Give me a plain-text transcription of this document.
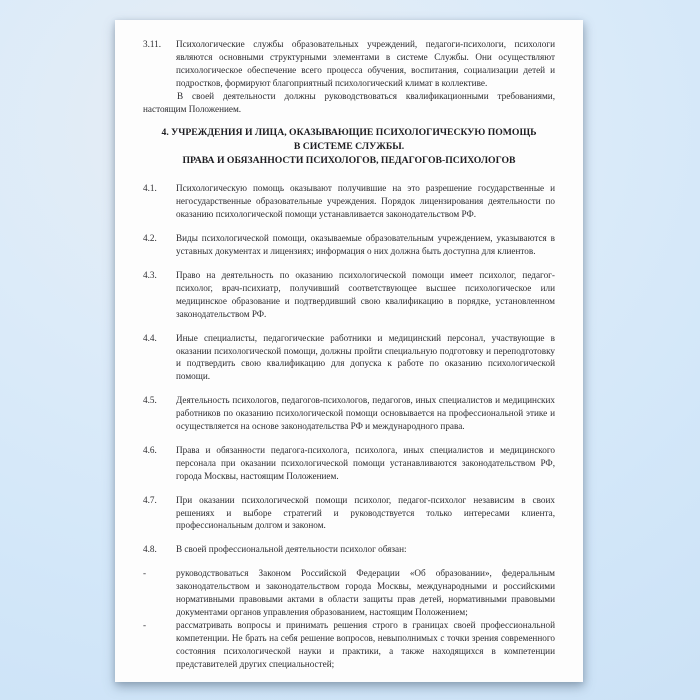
3.11.	Психологические службы образовательных учреждений, педагоги-психологи, психологи являются основными структурными элементами в системе Службы. Они осуществляют психологическое обеспечение всего процесса обучения, воспитания, социализации детей и подростков, формируют благоприятный психологический климат в коллективе.

В своей деятельности должны руководствоваться квалификационными требованиями, настоящим Положением.

4. УЧРЕЖДЕНИЯ И ЛИЦА, ОКАЗЫВАЮЩИЕ ПСИХОЛОГИЧЕСКУЮ ПОМОЩЬ
В СИСТЕМЕ СЛУЖБЫ.
ПРАВА И ОБЯЗАННОСТИ ПСИХОЛОГОВ, ПЕДАГОГОВ-ПСИХОЛОГОВ
4.1.	Психологическую помощь оказывают получившие на это разрешение государственные и негосударственные образовательные учреждения. Порядок лицензирования деятельности по оказанию психологической помощи устанавливается законодательством РФ.

4.2.	Виды психологической помощи, оказываемые образовательным учреждением, указываются в уставных документах и лицензиях; информация о них должна быть доступна для клиентов.

4.3.	Право на деятельность по оказанию психологической помощи имеет психолог, педагог-психолог, врач-психиатр, получивший соответствующее высшее психологическое или медицинское образование и подтвердивший свою квалификацию в порядке, установленном законодательством РФ.

4.4.	Иные специалисты, педагогические работники и медицинский персонал, участвующие в оказании психологической помощи, должны пройти специальную подготовку и переподготовку и подтвердить свою квалификацию для допуска к работе по оказанию психологической помощи.

4.5.	Деятельность психологов, педагогов-психологов, педагогов, иных специалистов и медицинских работников по оказанию психологической помощи основывается на профессиональной этике и осуществляется на основе законодательства РФ и международного права.

4.6.	Права и обязанности педагога-психолога, психолога, иных специалистов и медицинского персонала при оказании психологической помощи устанавливаются законодательством РФ, города Москвы, настоящим Положением.

4.7.	При оказании психологической помощи психолог, педагог-психолог независим в своих решениях и выборе стратегий и руководствуется только интересами клиента, профессиональным долгом и законом.

4.8.	В своей профессиональной деятельности психолог обязан:

-	руководствоваться Законом Российской Федерации «Об образовании», федеральным законодательством и законодательством города Москвы, международными и российскими нормативными правовыми актами в области защиты прав детей, нормативными правовыми документами органов управления образованием, настоящим Положением;

-	рассматривать вопросы и принимать решения строго в границах своей профессиональной компетенции. Не брать на себя решение вопросов, невыполнимых с точки зрения современного состояния психологической науки и практики, а также находящихся в компетенции представителей других специальностей;
